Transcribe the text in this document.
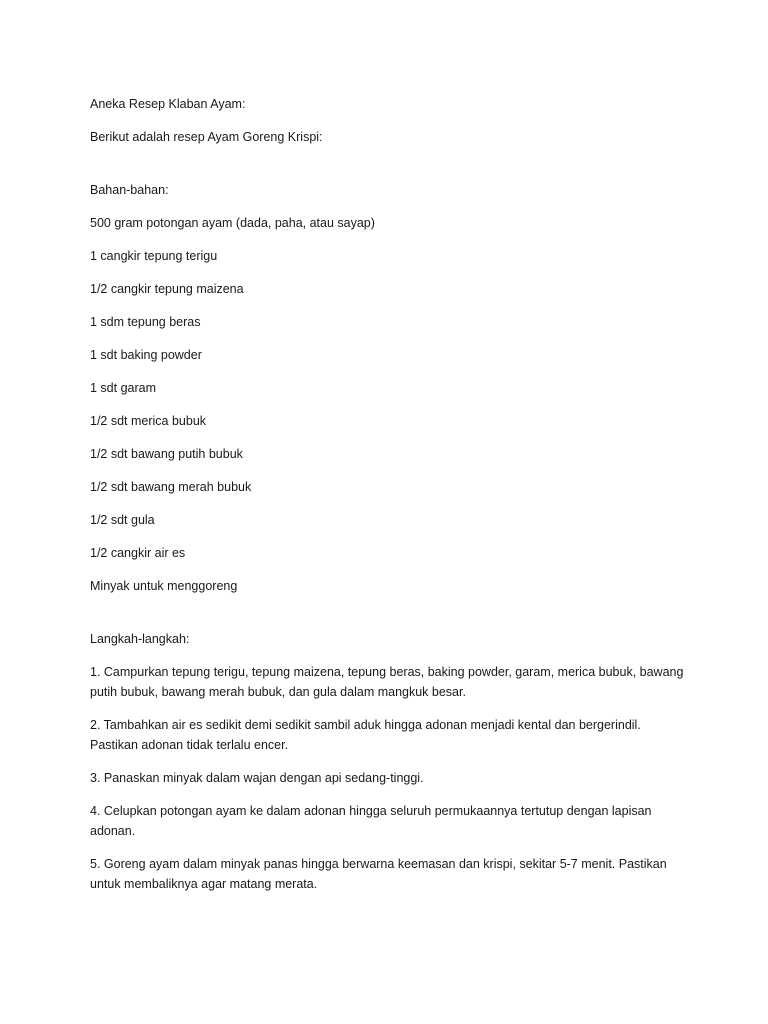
Aneka Resep Klaban Ayam:

Berikut adalah resep Ayam Goreng Krispi:

Bahan-bahan:

500 gram potongan ayam (dada, paha, atau sayap)
1 cangkir tepung terigu
1/2 cangkir tepung maizena
1 sdm tepung beras
1 sdt baking powder
1 sdt garam
1/2 sdt merica bubuk
1/2 sdt bawang putih bubuk
1/2 sdt bawang merah bubuk
1/2 sdt gula
1/2 cangkir air es
Minyak untuk menggoreng

Langkah-langkah:

1. Campurkan tepung terigu, tepung maizena, tepung beras, baking powder, garam, merica bubuk, bawang putih bubuk, bawang merah bubuk, dan gula dalam mangkuk besar.
2. Tambahkan air es sedikit demi sedikit sambil aduk hingga adonan menjadi kental dan bergerindil. Pastikan adonan tidak terlalu encer.
3. Panaskan minyak dalam wajan dengan api sedang-tinggi.
4. Celupkan potongan ayam ke dalam adonan hingga seluruh permukaannya tertutup dengan lapisan adonan.
5. Goreng ayam dalam minyak panas hingga berwarna keemasan dan krispi, sekitar 5-7 menit. Pastikan untuk membaliknya agar matang merata.
